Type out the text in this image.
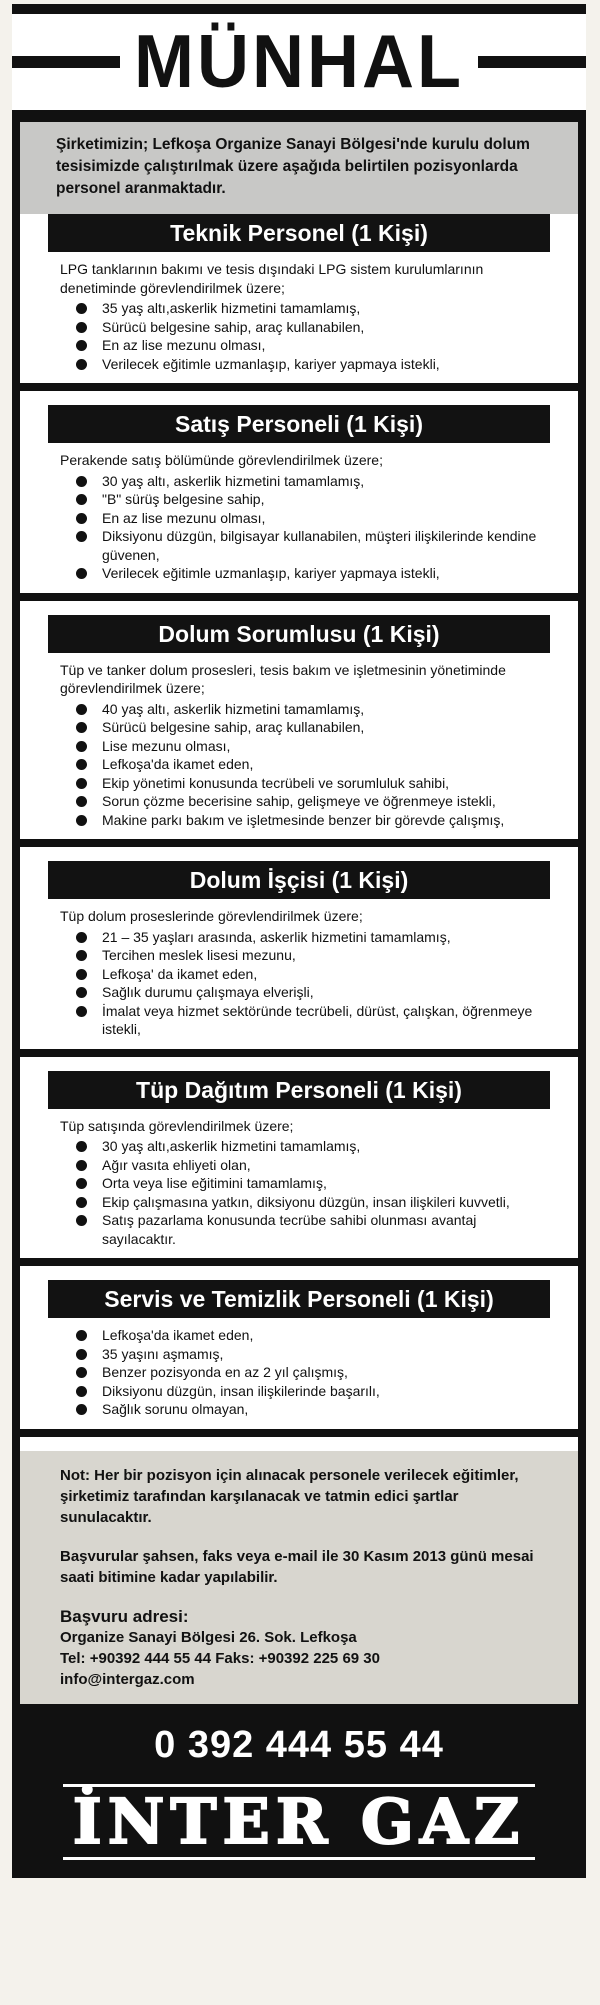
MÜNHAL
Şirketimizin; Lefkoşa Organize Sanayi Bölgesi'nde kurulu dolum tesisimizde çalıştırılmak üzere aşağıda belirtilen pozisyonlarda personel aranmaktadır.
Teknik Personel (1 Kişi)

LPG tanklarının bakımı ve tesis dışındaki LPG sistem kurulumlarının denetiminde görevlendirilmek üzere;

35 yaş altı,askerlik hizmetini tamamlamış,
Sürücü belgesine sahip, araç kullanabilen,
En az lise mezunu olması,
Verilecek eğitimle uzmanlaşıp, kariyer yapmaya istekli,
Satış Personeli (1 Kişi)

Perakende satış bölümünde görevlendirilmek üzere;

30 yaş altı, askerlik hizmetini tamamlamış,
"B" sürüş belgesine sahip,
En az lise mezunu olması,
Diksiyonu düzgün, bilgisayar kullanabilen, müşteri ilişkilerinde kendine güvenen,
Verilecek eğitimle uzmanlaşıp, kariyer yapmaya istekli,
Dolum Sorumlusu (1 Kişi)

Tüp ve tanker dolum prosesleri, tesis bakım ve işletmesinin yönetiminde görevlendirilmek üzere;

40 yaş altı, askerlik hizmetini tamamlamış,
Sürücü belgesine sahip, araç kullanabilen,
Lise mezunu olması,
Lefkoşa'da ikamet eden,
Ekip yönetimi konusunda tecrübeli ve sorumluluk sahibi,
Sorun çözme becerisine sahip, gelişmeye ve öğrenmeye istekli,
Makine parkı bakım ve işletmesinde benzer bir görevde çalışmış,
Dolum İşçisi (1 Kişi)

Tüp dolum proseslerinde görevlendirilmek üzere;

21 – 35 yaşları arasında, askerlik hizmetini tamamlamış,
Tercihen meslek lisesi mezunu,
Lefkoşa' da ikamet eden,
Sağlık durumu çalışmaya elverişli,
İmalat veya hizmet sektöründe tecrübeli, dürüst, çalışkan, öğrenmeye istekli,
Tüp Dağıtım Personeli (1 Kişi)

Tüp satışında görevlendirilmek üzere;

30 yaş altı,askerlik hizmetini tamamlamış,
Ağır vasıta ehliyeti olan,
Orta veya lise eğitimini tamamlamış,
Ekip çalışmasına yatkın, diksiyonu düzgün, insan ilişkileri kuvvetli,
Satış pazarlama konusunda tecrübe sahibi olunması avantaj sayılacaktır.
Servis ve Temizlik Personeli (1 Kişi)
Lefkoşa'da ikamet eden,
35 yaşını aşmamış,
Benzer pozisyonda en az 2 yıl çalışmış,
Diksiyonu düzgün, insan ilişkilerinde başarılı,
Sağlık sorunu olmayan,

Not: Her bir pozisyon için alınacak personele verilecek eğitimler, şirketimiz tarafından karşılanacak ve tatmin edici şartlar sunulacaktır.

Başvurular şahsen, faks veya e-mail ile 30 Kasım 2013 günü mesai saati bitimine kadar yapılabilir.

Başvuru adresi:
Organize Sanayi Bölgesi 26. Sok. Lefkoşa
Tel: +90392 444 55 44 Faks: +90392 225 69 30
info@intergaz.com
0 392 444 55 44
İNTER GAZ
